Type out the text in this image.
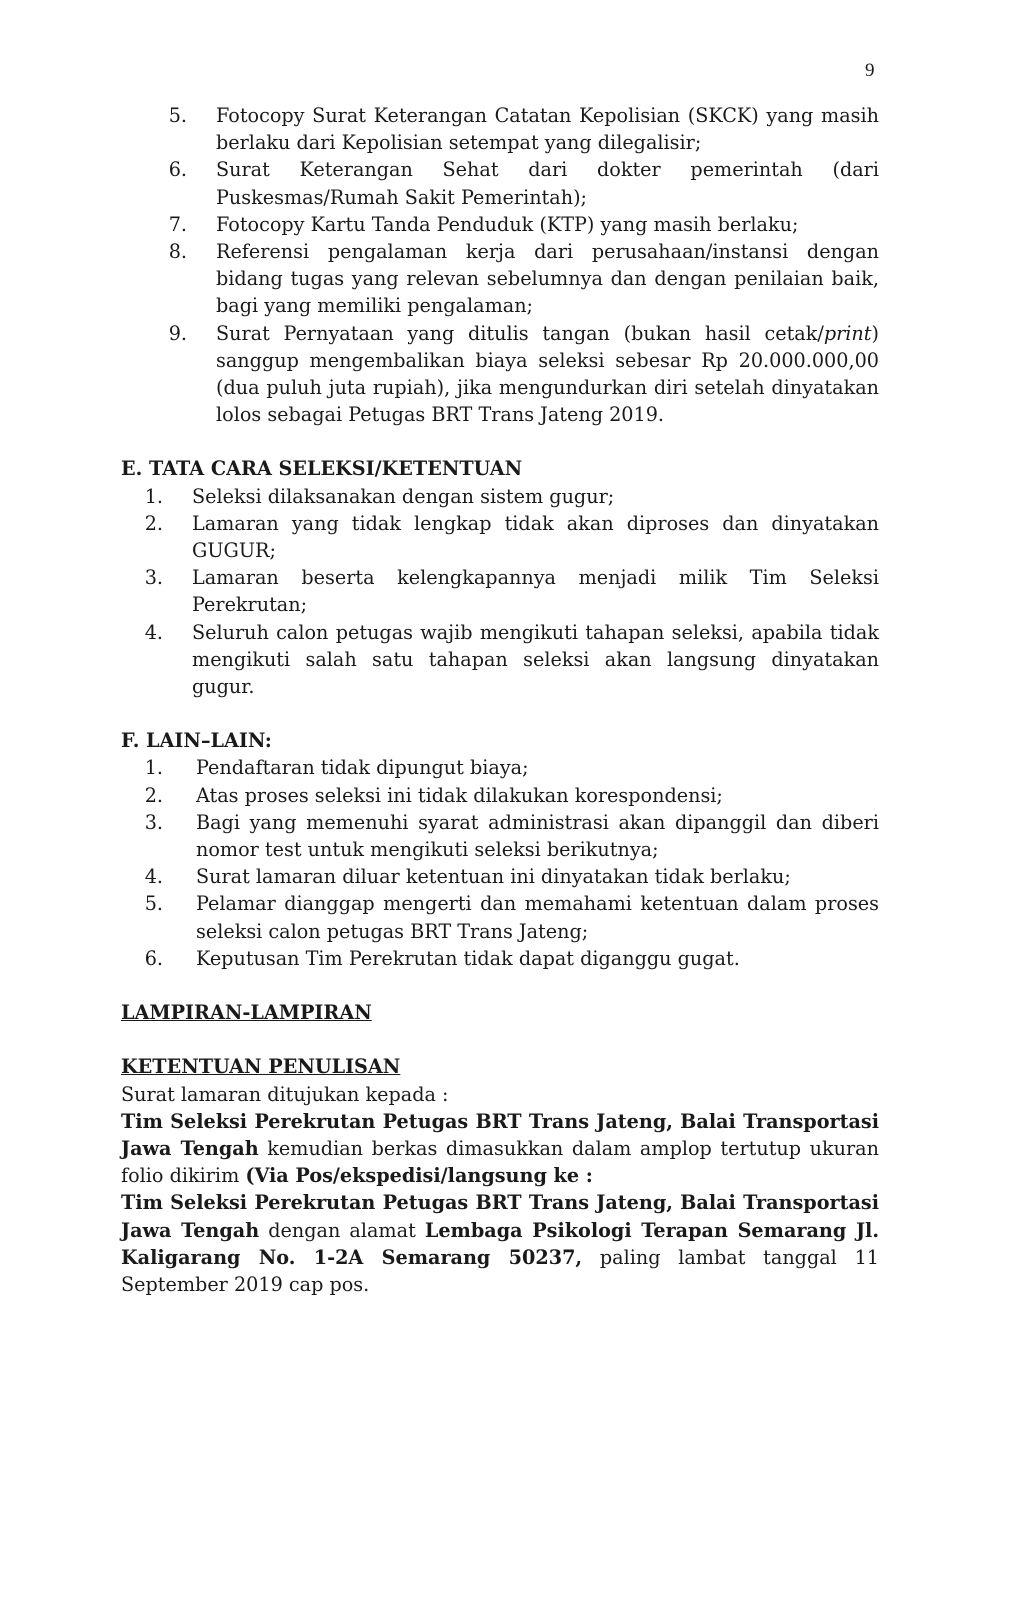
9
5.	Fotocopy Surat Keterangan Catatan Kepolisian (SKCK) yang masih berlaku dari Kepolisian setempat yang dilegalisir;
6.	Surat Keterangan Sehat dari dokter pemerintah (dari Puskesmas/Rumah Sakit Pemerintah);
7.	Fotocopy Kartu Tanda Penduduk (KTP) yang masih berlaku;
8.	Referensi pengalaman kerja dari perusahaan/instansi dengan bidang tugas yang relevan sebelumnya dan dengan penilaian baik, bagi yang memiliki pengalaman;
9.	Surat Pernyataan yang ditulis tangan (bukan hasil cetak/print) sanggup mengembalikan biaya seleksi sebesar Rp 20.000.000,00 (dua puluh juta rupiah), jika mengundurkan diri setelah dinyatakan lolos sebagai Petugas BRT Trans Jateng 2019.
E. TATA CARA SELEKSI/KETENTUAN
1.	Seleksi dilaksanakan dengan sistem gugur;
2.	Lamaran yang tidak lengkap tidak akan diproses dan dinyatakan GUGUR;
3.	Lamaran beserta kelengkapannya menjadi milik Tim Seleksi Perekrutan;
4.	Seluruh calon petugas wajib mengikuti tahapan seleksi, apabila tidak mengikuti salah satu tahapan seleksi akan langsung dinyatakan gugur.
F. LAIN–LAIN:
1.	Pendaftaran tidak dipungut biaya;
2.	Atas proses seleksi ini tidak dilakukan korespondensi;
3.	Bagi yang memenuhi syarat administrasi akan dipanggil dan diberi nomor test untuk mengikuti seleksi berikutnya;
4.	Surat lamaran diluar ketentuan ini dinyatakan tidak berlaku;
5.	Pelamar dianggap mengerti dan memahami ketentuan dalam proses seleksi calon petugas BRT Trans Jateng;
6.	Keputusan Tim Perekrutan tidak dapat diganggu gugat.
LAMPIRAN-LAMPIRAN
KETENTUAN PENULISAN

Surat lamaran ditujukan kepada :

Tim Seleksi Perekrutan Petugas BRT Trans Jateng, Balai Transportasi Jawa Tengah kemudian berkas dimasukkan dalam amplop tertutup ukuran folio dikirim (Via Pos/ekspedisi/langsung ke :

Tim Seleksi Perekrutan Petugas BRT Trans Jateng, Balai Transportasi Jawa Tengah dengan alamat Lembaga Psikologi Terapan Semarang Jl. Kaligarang No. 1-2A Semarang 50237, paling lambat tanggal 11 September 2019 cap pos.
